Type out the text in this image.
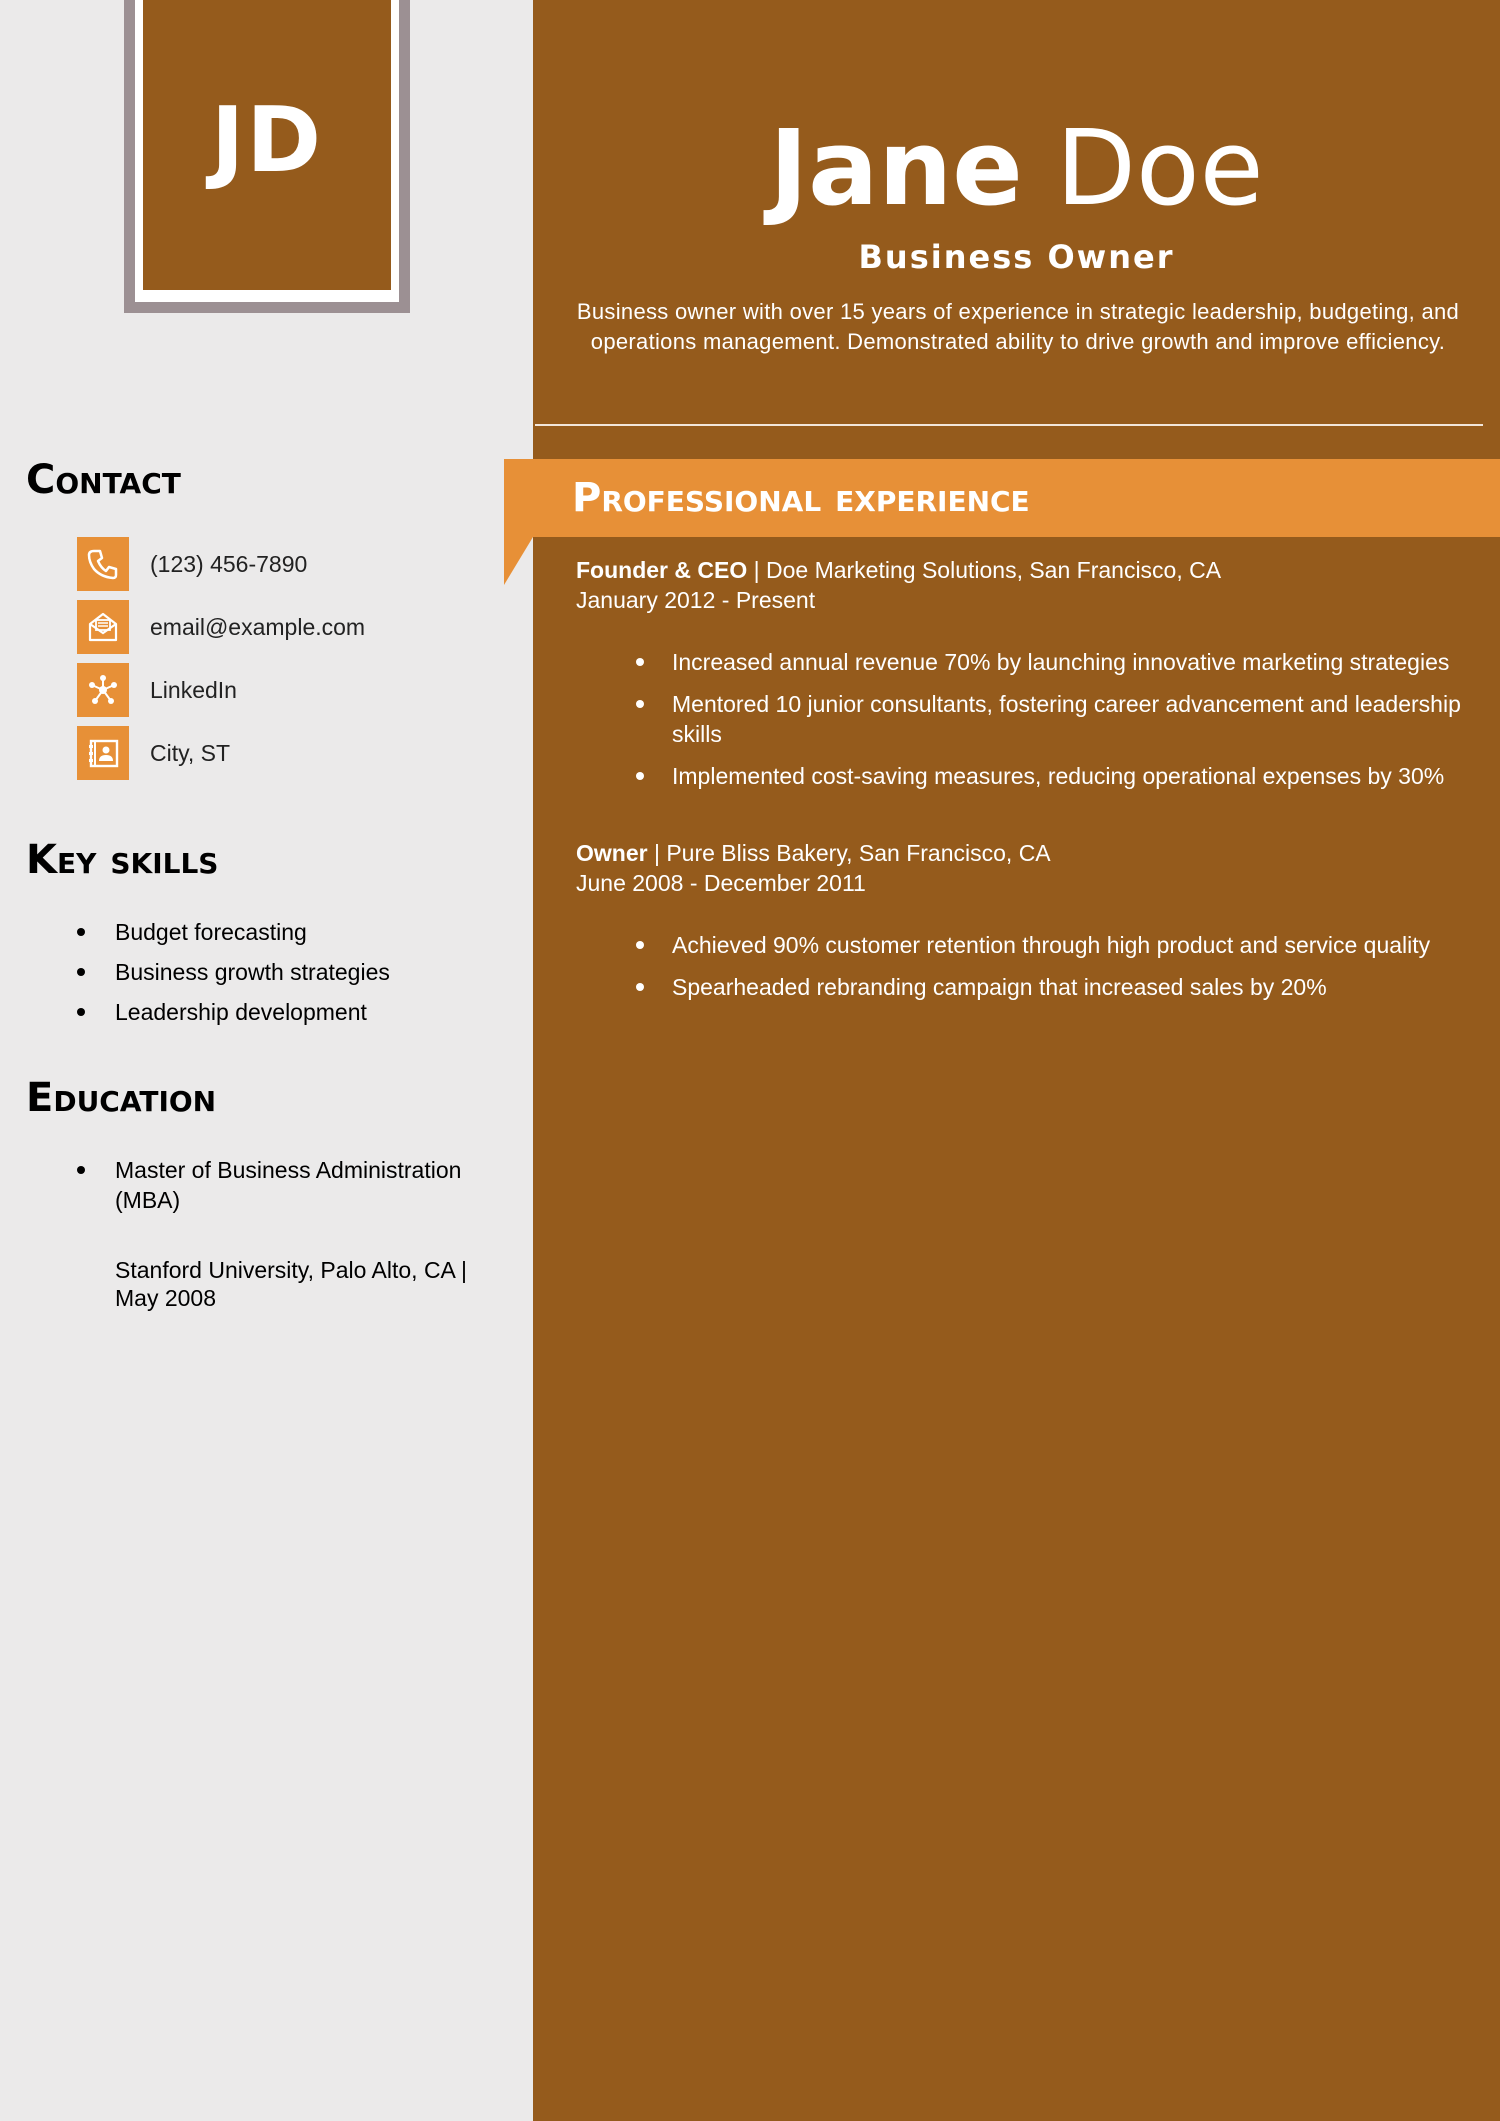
JD	Jane Doe
Business Owner
Business owner with over 15 years of experience in strategic leadership, budgeting, and operations management. Demonstrated ability to drive growth and improve efficiency.
Contact
(123) 456-7890
email@example.com
LinkedIn
City, ST
Key skills
Budget forecasting
Business growth strategies
Leadership development
Education
Master of Business Administration (MBA)
Stanford University, Palo Alto, CA | May 2008
Professional experience
Founder & CEO | Doe Marketing Solutions, San Francisco, CA
January 2012 - Present
Increased annual revenue 70% by launching innovative marketing strategies
Mentored 10 junior consultants, fostering career advancement and leadership skills
Implemented cost-saving measures, reducing operational expenses by 30%
Owner | Pure Bliss Bakery, San Francisco, CA
June 2008 - December 2011
Achieved 90% customer retention through high product and service quality
Spearheaded rebranding campaign that increased sales by 20%
